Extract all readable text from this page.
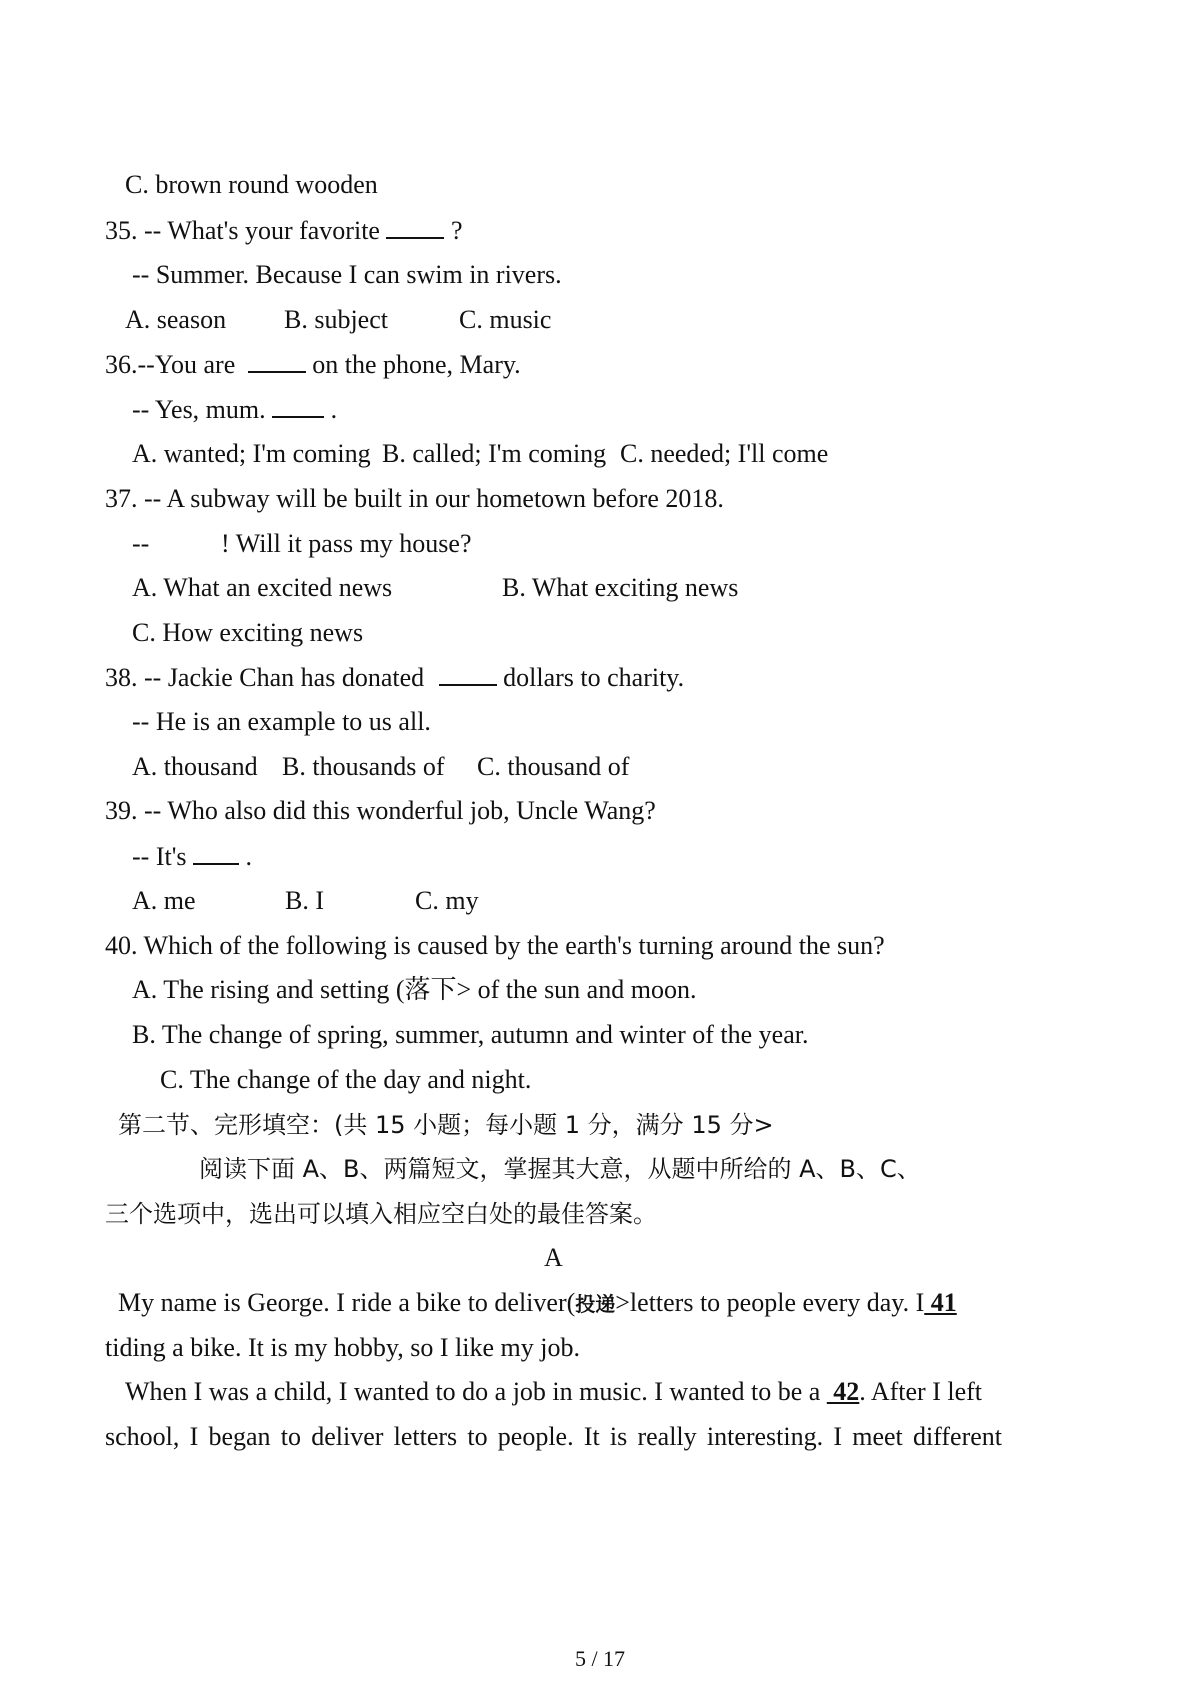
C. brown round wooden
35. -- What's your favorite  ?
-- Summer. Because I can swim in rivers.
A. season B. subject	C. music
36.--You are  on the phone, Mary.
-- Yes, mum.  .
A. wanted; I'm coming B. called; I'm coming C. needed; I'll come
37. -- A subway will be built in our hometown before 2018.
--	! Will it pass my house?
A. What an excited news	B. What exciting news
C. How exciting news
38. -- Jackie Chan has donated	dollars to charity.
-- He is an example to us all.
A. thousand B. thousands of C. thousand of
39. -- Who also did this wonderful job, Uncle Wang?
-- It's  .
A. me	B. I	C. my
40. Which of the following is caused by the earth's turning around the sun?
A. The rising and setting (落下> of the sun and moon.
B. The change of spring, summer, autumn and winter of the year.
C. The change of the day and night.
第二节、完形填空：(共 15 小题；每小题 1 分，满分 15 分>
阅读下面 A、B、两篇短文，掌握其大意，从题中所给的 A、B、C、
三个选项中，选出可以填入相应空白处的最佳答案。
A
My name is George. I ride a bike to deliver(投递>letters to people every day. I 41
tiding a bike. It is my hobby, so I like my job.
When I was a child, I wanted to do a job in music. I wanted to be a  42. After I left
school, I began to deliver letters to people. It is really interesting. I meet different
5 / 17
